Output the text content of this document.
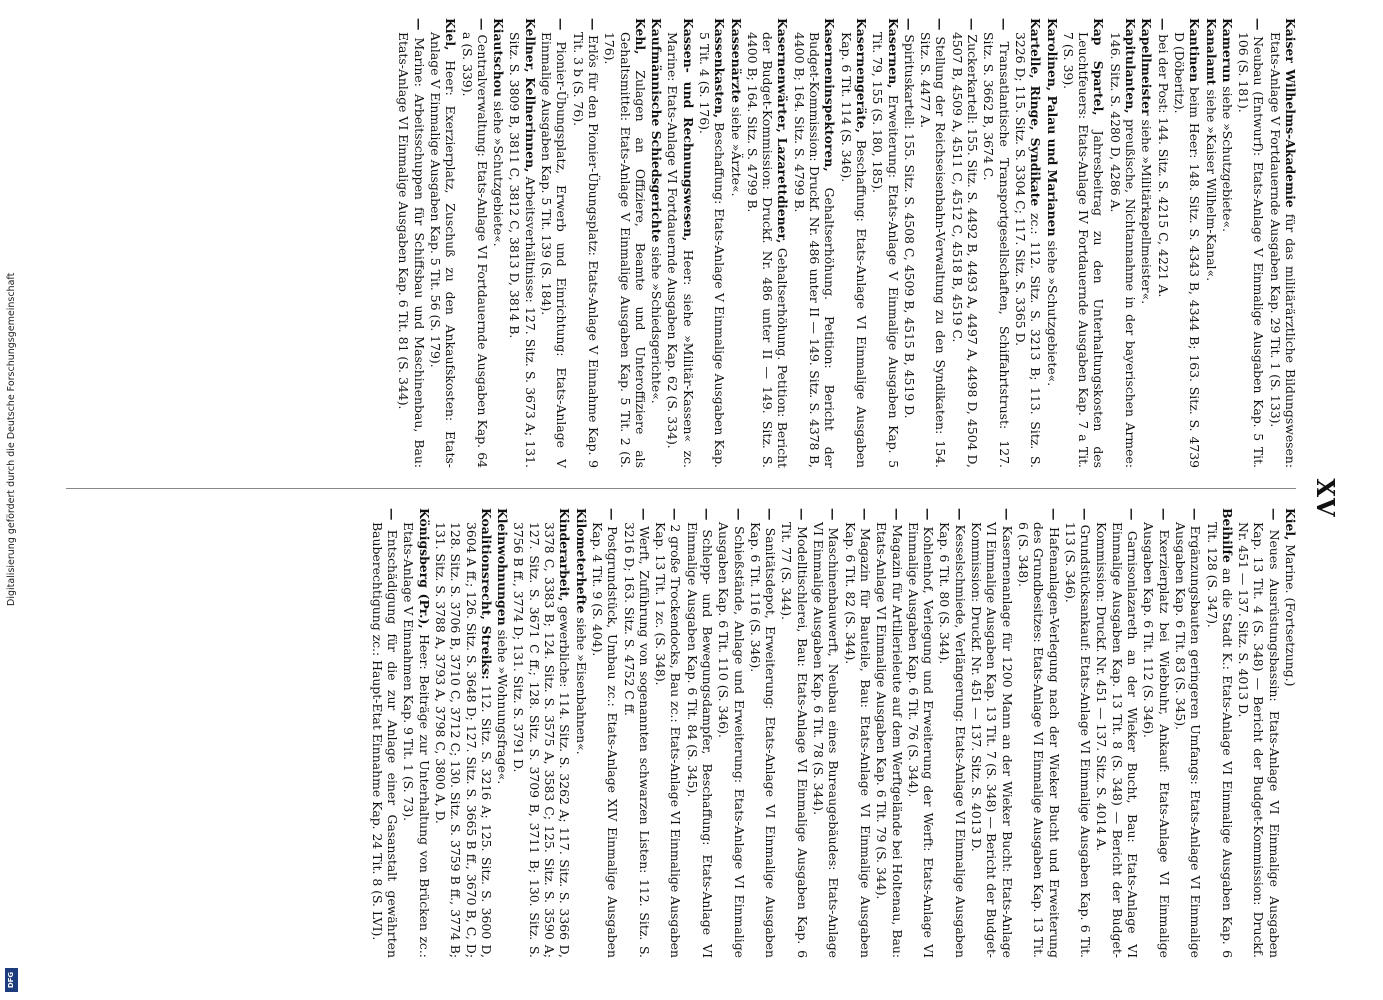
XV
Kaiser Wilhelms-Akademie für das militärärztliche Bildungswesen: Etats-Anlage V Fortdauernde Ausgaben Kap. 29 Tit. 1 (S. 133).
— Neubau (Entwurf): Etats-Anlage V Einmalige Ausgaben Kap. 5 Tit. 106 (S. 181).
Kamerun siehe »Schutzgebiete«.
Kanalamt siehe »Kaiser Wilhelm-Kanal«.
Kantinen beim Heer: 148. Sitz. S. 4343 B, 4344 B; 163. Sitz. S. 4739 D (Döberitz).
— bei der Post: 144. Sitz. S. 4215 C, 4221 A.
Kapellmeister siehe »Militärkapellmeister«.
Kapitulanten, preußische, Nichtannahme in der bayerischen Armee: 146. Sitz. S. 4280 D, 4286 A.
Kap Spartel, Jahresbeitrag zu den Unterhaltungskosten des Leuchtfeuers: Etats-Anlage IV Fortdauernde Ausgaben Kap. 7 a Tit. 7 (S. 39).
Karolinen, Palau und Marianen siehe »Schutzgebiete«.
Kartelle, Ringe, Syndikate zc.: 112. Sitz. S. 3213 B; 113. Sitz. S. 3226 D; 115. Sitz. S. 3304 C; 117. Sitz. S. 3365 D.
— Transatlantische Transportgesellschaften, Schiffahrtstrust: 127. Sitz. S. 3662 B, 3674 C.
— Zuckerkartell: 155. Sitz. S. 4492 B, 4493 A, 4497 A, 4498 D, 4504 D, 4507 B, 4509 A, 4511 C, 4512 C, 4518 B, 4519 C.
— Stellung der Reichseisenbahn-Verwaltung zu den Syndikaten: 154. Sitz. S. 4477 A.
— Spirituskartell: 155. Sitz. S. 4508 C, 4509 B, 4515 B, 4519 D.
Kasernen, Erweiterung: Etats-Anlage V Einmalige Ausgaben Kap. 5 Tit. 79, 155 (S. 180, 185).
Kasernengeräte, Beschaffung: Etats-Anlage VI Einmalige Ausgaben Kap. 6 Tit. 114 (S. 346).
Kaserneninspektoren, Gehaltserhöhung. Petition: Bericht der Budget-Kommission: Druckf. Nr. 486 unter II — 149. Sitz. S. 4378 B, 4400 B; 164. Sitz. S. 4799 B.
Kasernenwärter, Lazarettdiener, Gehaltserhöhung. Petition: Bericht der Budget-Kommission: Druckf. Nr. 486 unter II — 149. Sitz. S. 4400 B; 164. Sitz. S. 4799 B.
Kassenärzte siehe »Ärzte«.
Kassenkasten, Beschaffung: Etats-Anlage V Einmalige Ausgaben Kap. 5 Tit. 4 (S. 176).
Kassen- und Rechnungswesen, Heer: siehe »Militär-Kassen« zc. Marine: Etats-Anlage VI Fortdauernde Ausgaben Kap. 62 (S. 334).
Kaufmännische Schiedsgerichte siehe »Schiedsgerichte«.
Kehl, Zulagen an Offiziere, Beamte und Unteroffiziere als Gehaltsmittel: Etats-Anlage V Einmalige Ausgaben Kap. 5 Tit. 2 (S. 176).
— Erlös für den Pionier-Übungsplatz: Etats-Anlage V Einnahme Kap. 9 Tit. 3 b (S. 76).
— Pionier-Übungsplatz, Erwerb und Einrichtung: Etats-Anlage V Einmalige Ausgaben Kap. 5 Tit. 139 (S. 184).
Kellner, Kellnerinnen, Arbeitsverhältnisse: 127. Sitz. S. 3673 A; 131. Sitz. S. 3809 B, 3811 C, 3812 C, 3813 D, 3814 B.
Kiautschou siehe »Schutzgebiete«.
— Centralverwaltung: Etats-Anlage VI Fortdauernde Ausgaben Kap. 64 a (S. 339).
Kiel, Heer: Exerzierplatz, Zuschuß zu den Ankaufskosten: Etats-Anlage V Einmalige Ausgaben Kap. 5 Tit. 56 (S. 179).
— Marine: Arbeitsschuppen für Schiffsbau und Maschinenbau, Bau: Etats-Anlage VI Einmalige Ausgaben Kap. 6 Tit. 81 (S. 344).
Kiel, Marine. (Fortsetzung.)
— Neues Ausrüstungsbassin: Etats-Anlage VI Einmalige Ausgaben Kap. 13 Tit. 4 (S. 348) — Bericht der Budget-Kommission: Druckf. Nr. 451 — 137. Sitz. S. 4013 D.
Beihilfe an die Stadt K.: Etats-Anlage VI Einmalige Ausgaben Kap. 6 Tit. 128 (S. 347).
— Ergänzungsbauten geringeren Umfangs: Etats-Anlage VI Einmalige Ausgaben Kap. 6 Tit. 83 (S. 345).
— Exerzierplatz bei Wiebbuhr, Ankauf: Etats-Anlage VI Einmalige Ausgaben Kap. 6 Tit. 112 (S. 346).
— Garnisonlazareth an der Wieker Bucht, Bau: Etats-Anlage VI Einmalige Ausgaben Kap. 13 Tit. 8 (S. 348) — Bericht der Budget-Kommission: Druckf. Nr. 451 — 137. Sitz. S. 4014 A.
— Grundstücksankauf: Etats-Anlage VI Einmalige Ausgaben Kap. 6 Tit. 113 (S. 346).
— Hafenanlagen-Verlegung nach der Wieker Bucht und Erweiterung des Grundbesitzes: Etats-Anlage VI Einmalige Ausgaben Kap. 13 Tit. 6 (S. 348).
— Kasernenanlage für 1200 Mann an der Wieker Bucht: Etats-Anlage VI Einmalige Ausgaben Kap. 13 Tit. 7 (S. 348) — Bericht der Budget-Kommission: Druckf. Nr. 451 — 137. Sitz. S. 4013 D.
— Kesselschmiede, Verlängerung: Etats-Anlage VI Einmalige Ausgaben Kap. 6 Tit. 80 (S. 344).
— Kohlenhof, Verlegung und Erweiterung der Werft: Etats-Anlage VI Einmalige Ausgaben Kap. 6 Tit. 76 (S. 344).
— Magazin für Artillerieleute auf dem Werftgelände bei Holtenau, Bau: Etats-Anlage VI Einmalige Ausgaben Kap. 6 Tit. 79 (S. 344).
— Magazin für Bauteile, Bau: Etats-Anlage VI Einmalige Ausgaben Kap. 6 Tit. 82 (S. 344).
— Maschinenbauwerft, Neubau eines Bureaugebäudes: Etats-Anlage VI Einmalige Ausgaben Kap. 6 Tit. 78 (S. 344).
— Modelltischlerei, Bau: Etats-Anlage VI Einmalige Ausgaben Kap. 6 Tit. 77 (S. 344).
— Sanitätsdepot, Erweiterung: Etats-Anlage VI Einmalige Ausgaben Kap. 6 Tit. 116 (S. 346).
— Schießstände, Anlage und Erweiterung: Etats-Anlage VI Einmalige Ausgaben Kap. 6 Tit. 110 (S. 346).
— Schlepp- und Bewegungsdampfer, Beschaffung: Etats-Anlage VI Einmalige Ausgaben Kap. 6 Tit. 84 (S. 345).
— 2 große Trockendocks, Bau zc.: Etats-Anlage VI Einmalige Ausgaben Kap. 13 Tit. 1 zc. (S. 348).
— Werft, Zuführung von sogenannten schwarzen Listen: 112. Sitz. S. 3216 D; 163. Sitz. S. 4752 C ff.
— Postgrundstück, Umbau zc.: Etats-Anlage XIV Einmalige Ausgaben Kap. 4 Tit. 9 (S. 404).
Kilometerhefte siehe »Eisenbahnen«.
Kinderarbeit, gewerbliche: 114. Sitz. S. 3262 A; 117. Sitz. S. 3366 D, 3378 C, 3383 B; 124. Sitz. S. 3575 A, 3583 C; 125. Sitz. S. 3590 A; 127. Sitz. S. 3671 C ff.; 128. Sitz. S. 3709 B, 3711 B; 130. Sitz. S. 3756 B ff., 3774 D; 131. Sitz. S. 3791 D.
Kleinwohnungen siehe »Wohnungsfrage«.
Koalitionsrecht, Streiks: 112. Sitz. S. 3216 A; 125. Sitz. S. 3600 D, 3604 A ff.; 126. Sitz. S. 3648 D; 127. Sitz. S. 3665 B ff., 3670 B, C, D; 128. Sitz. S. 3706 B, 3710 C, 3712 C; 130. Sitz. S. 3759 B ff., 3774 B; 131. Sitz. S. 3788 A, 3793 A, 3798 C, 3800 A, D.
Königsberg (Pr.), Heer: Beiträge zur Unterhaltung von Brücken zc.: Etats-Anlage V Einnahmen Kap. 9 Tit. 1 (S. 73).
— Entschädigung für die zur Anlage einer Gasanstalt gewährten Bauberechtigung zc.: Haupt-Etat Einnahme Kap. 24 Tit. 8 (S. LVI).
Digitalisierung gefördert durch die Deutsche Forschungsgemeinschaft
DFG
